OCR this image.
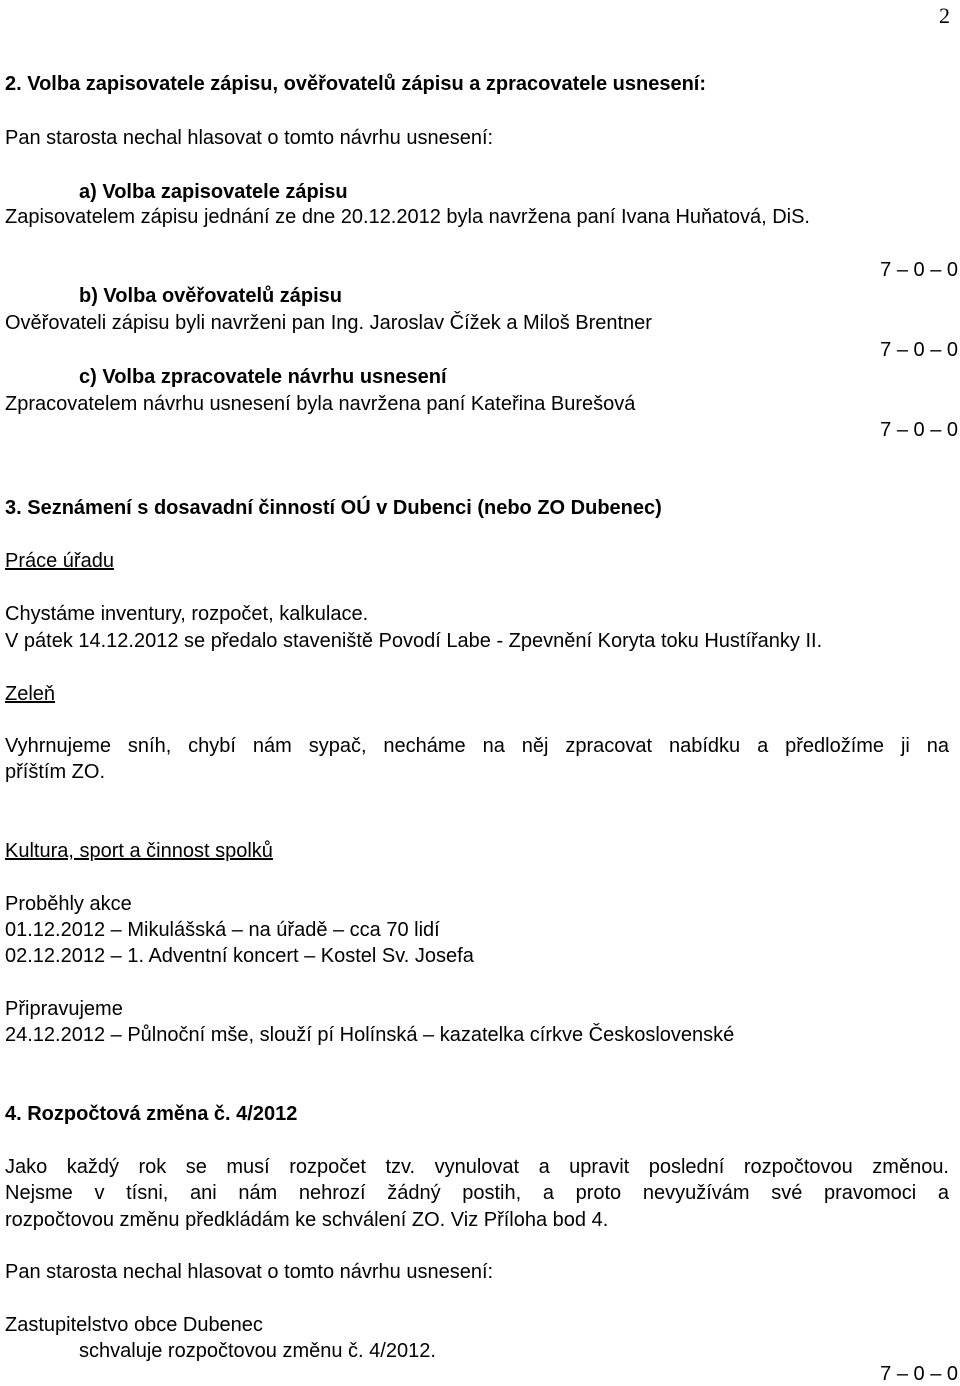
2
2. Volba zapisovatele zápisu, ověřovatelů zápisu a zpracovatele usnesení:
Pan starosta nechal hlasovat o tomto návrhu usnesení:
a) Volba zapisovatele zápisu
Zapisovatelem zápisu jednání ze dne 20.12.2012 byla navržena paní Ivana Huňatová, DiS.
b) Volba ověřovatelů zápisu
Ověřovateli zápisu byli navrženi pan Ing. Jaroslav Čížek a Miloš Brentner
c) Volba zpracovatele návrhu usnesení
Zpracovatelem návrhu usnesení byla navržena paní Kateřina Burešová
7 – 0 – 0
7 – 0 – 0
7 – 0 – 0
3. Seznámení s dosavadní činností OÚ v Dubenci (nebo ZO Dubenec)
Práce úřadu
Chystáme inventury, rozpočet, kalkulace.
V pátek 14.12.2012 se předalo staveniště Povodí Labe - Zpevnění Koryta toku Hustířanky II.
Zeleň
Vyhrnujeme sníh, chybí nám sypač, necháme na něj zpracovat nabídku a předložíme ji na
příštím ZO.
Kultura, sport a činnost spolků
Proběhly akce
01.12.2012 – Mikulášská – na úřadě – cca 70 lidí
02.12.2012 – 1. Adventní koncert – Kostel Sv. Josefa
Připravujeme
24.12.2012 – Půlnoční mše, slouží pí Holínská – kazatelka církve Československé
4. Rozpočtová změna č. 4/2012
Jako každý rok se musí rozpočet tzv. vynulovat a upravit poslední rozpočtovou změnou.
Nejsme v tísni, ani nám nehrozí žádný postih, a proto nevyužívám své pravomoci a
rozpočtovou změnu předkládám ke schválení ZO. Viz Příloha bod 4.
Pan starosta nechal hlasovat o tomto návrhu usnesení:
Zastupitelstvo obce Dubenec
schvaluje rozpočtovou změnu č. 4/2012.
7 – 0 – 0
